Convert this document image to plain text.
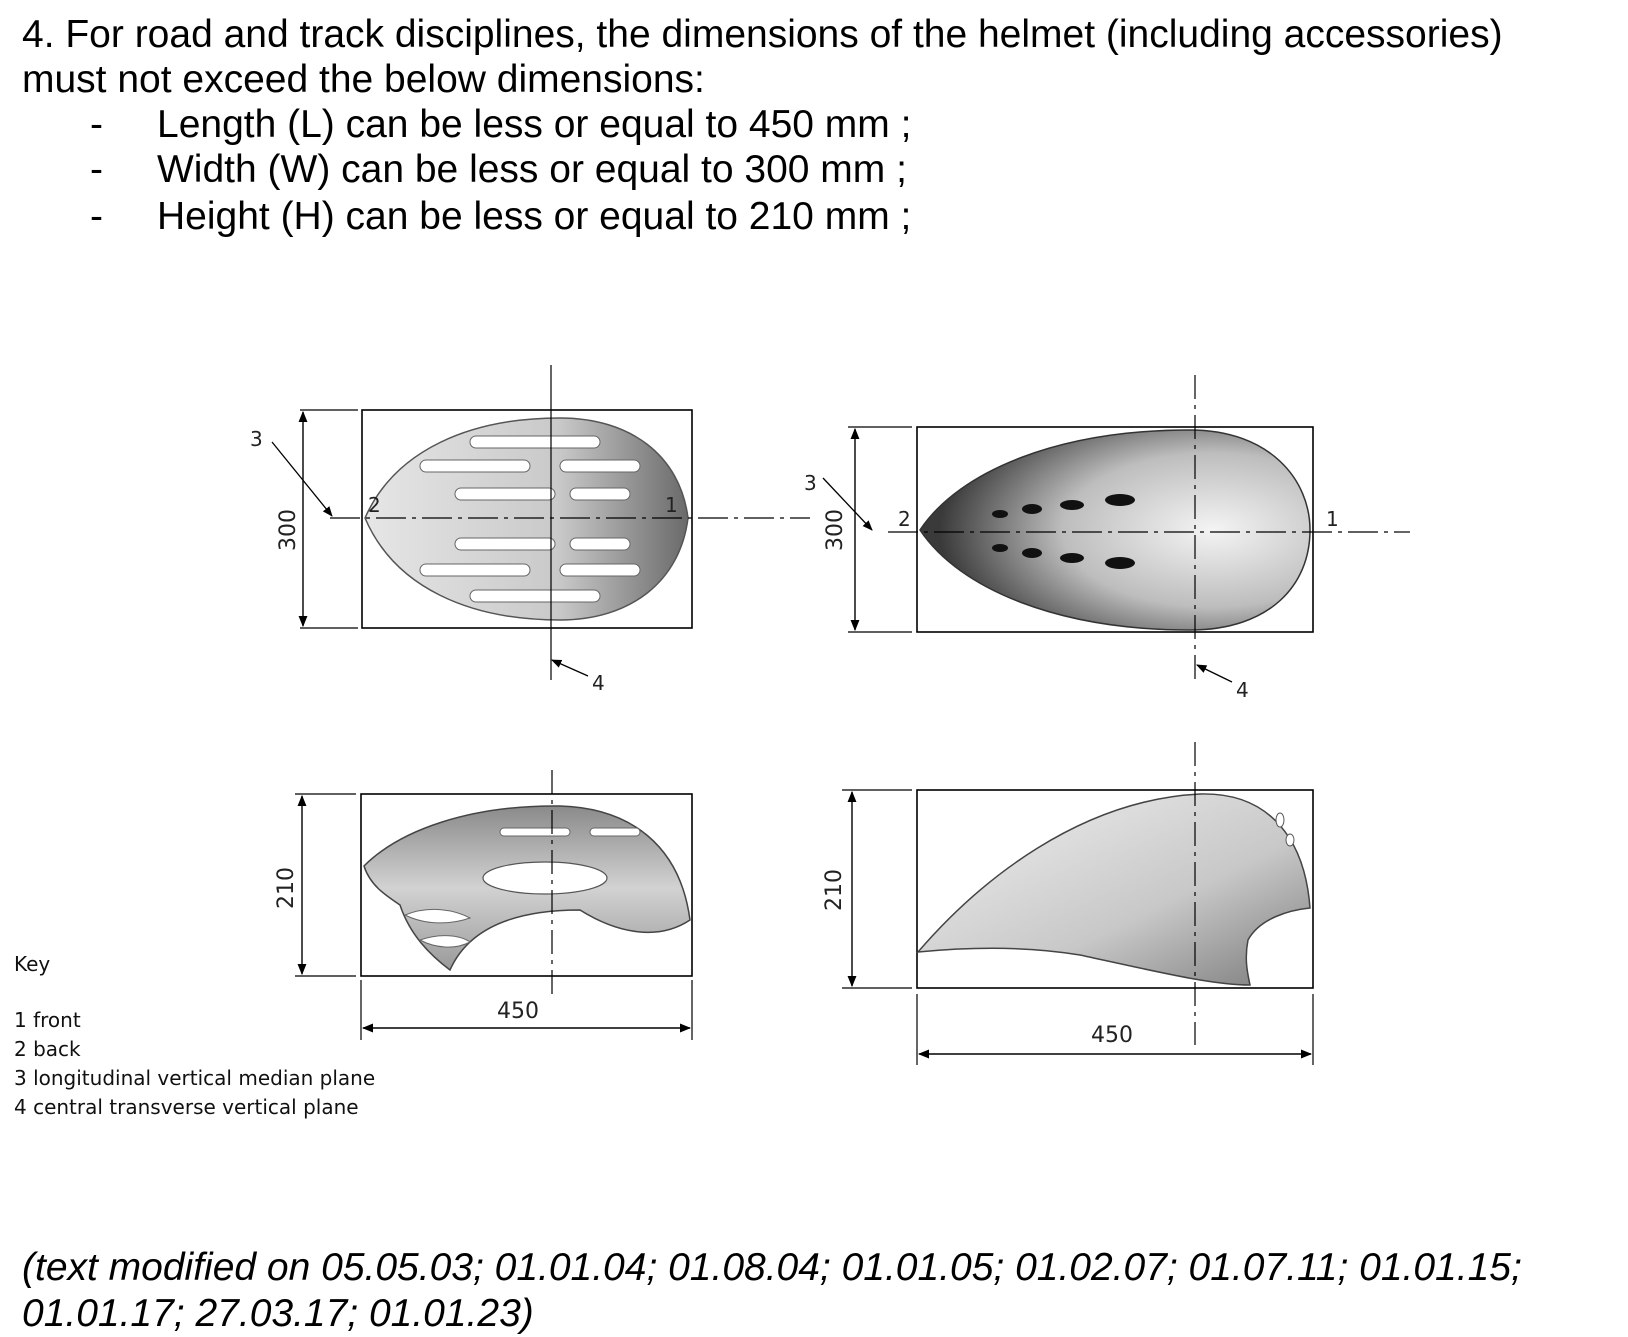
4. For road and track disciplines, the dimensions of the helmet (including accessories)

must not exceed the below dimensions:

- Length (L) can be less or equal to 450 mm ;
- Width (W) can be less or equal to 300 mm ;
- Height (H) can be less or equal to 210 mm ;
300
3
2	1
4
300
3
2	1
4
210
450
210
450
Key
1 front
2 back
3 longitudinal vertical median plane
4 central transverse vertical plane
(text modified on 05.05.03; 01.01.04; 01.08.04; 01.01.05; 01.02.07; 01.07.11; 01.01.15;
01.01.17; 27.03.17; 01.01.23)
